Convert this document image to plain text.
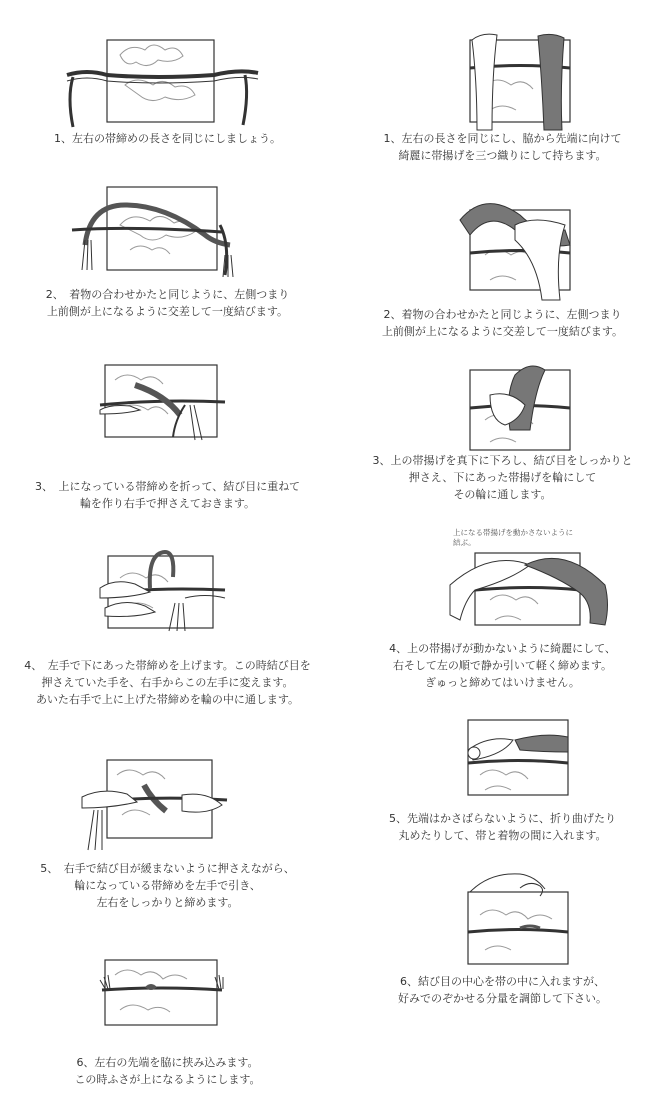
1、左右の帯締めの長さを同じにしましょう。
2、　着物の合わせかたと同じように、左側つまり
上前側が上になるように交差して一度結びます。
3、　上になっている帯締めを折って、結び目に重ねて
輪を作り右手で押さえておきます。
4、　左手で下にあった帯締めを上げます。この時結び目を
押さえていた手を、右手からこの左手に変えます。
あいた右手で上に上げた帯締めを輪の中に通します。
5、　右手で結び目が緩まないように押さえながら、
輪になっている帯締めを左手で引き、
左右をしっかりと締めます。
6、左右の先端を脇に挟み込みます。
この時ふさが上になるようにします。
1、左右の長さを同じにし、脇から先端に向けて
綺麗に帯揚げを三つ織りにして持ちます。
2、着物の合わせかたと同じように、左側つまり
上前側が上になるように交差して一度結びます。
3、上の帯揚げを真下に下ろし、結び目をしっかりと
押さえ、下にあった帯揚げを輪にして
その輪に通します。
上になる帯揚げを動かさないように
結ぶ。
4、上の帯揚げが動かないように綺麗にして、
右そして左の順で静か引いて軽く締めます。
ぎゅっと締めてはいけません。
5、先端はかさばらないように、折り曲げたり
丸めたりして、帯と着物の間に入れます。
6、結び目の中心を帯の中に入れますが、
好みでのぞかせる分量を調節して下さい。
